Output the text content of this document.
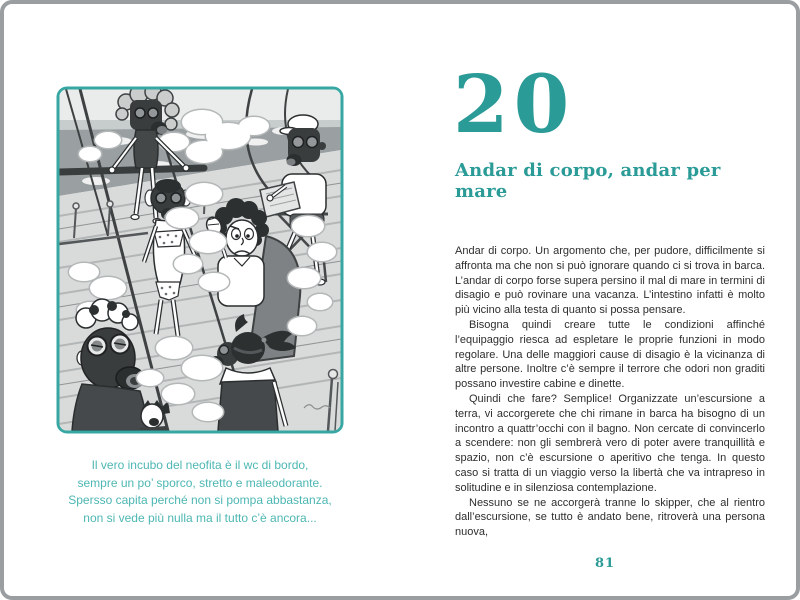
Il vero incubo del neofita è il wc di bordo,
sempre un po’ sporco, stretto e maleodorante.
Spersso capita perché non si pompa abbastanza,
non si vede più nulla ma il tutto c’è ancora...
20
Andar di corpo, andar per mare

Andar di corpo. Un argomento che, per pudore, difficilmente si affronta ma che non si può ignorare quando ci si trova in barca. L’andar di corpo forse supera persino il mal di mare in termini di disagio e può rovinare una vacanza. L’intestino infatti è molto più vicino alla testa di quanto si possa pensare.

Bisogna quindi creare tutte le condizioni affinché l’equipaggio riesca ad espletare le proprie funzioni in modo regolare. Una delle maggiori cause di disagio è la vicinanza di altre persone. Inoltre c’è sempre il terrore che odori non graditi possano investire cabine e dinette.

Quindi che fare? Semplice! Organizzate un’escursione a terra, vi accorgerete che chi rimane in barca ha bisogno di un incontro a quattr’occhi con il bagno. Non cercate di convincerlo a scendere: non gli sembrerà vero di poter avere tranquillità e spazio, non c’è escursione o aperitivo che tenga. In questo caso si tratta di un viaggio verso la libertà che va intrapreso in solitudine e in silenziosa contemplazione.

Nessuno se ne accorgerà tranne lo skipper, che al rientro dall’escursione, se tutto è andato bene, ritroverà una persona nuova,

81
